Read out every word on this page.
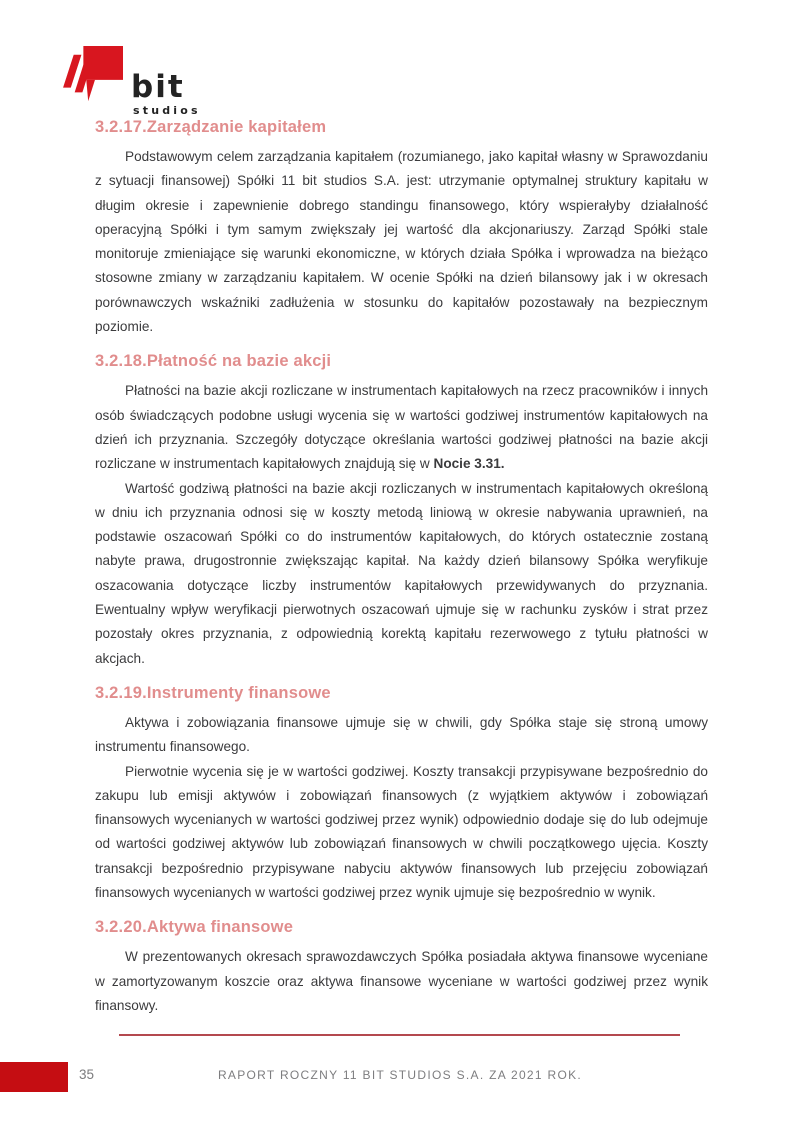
bit
studios
3.2.17.Zarządzanie kapitałem

Podstawowym celem zarządzania kapitałem (rozumianego, jako kapitał własny w Sprawozdaniu z sytuacji finansowej) Spółki 11 bit studios S.A. jest: utrzymanie optymalnej struktury kapitału w długim okresie i zapewnienie dobrego standingu finansowego, który wspierałyby działalność operacyjną Spółki i tym samym zwiększały jej wartość dla akcjonariuszy. Zarząd Spółki stale monitoruje zmieniające się warunki ekonomiczne, w których działa Spółka i wprowadza na bieżąco stosowne zmiany w zarządzaniu kapitałem. W ocenie Spółki na dzień bilansowy jak i w okresach porównawczych wskaźniki zadłużenia w stosunku do kapitałów pozostawały na bezpiecznym poziomie.

3.2.18.Płatność na bazie akcji

Płatności na bazie akcji rozliczane w instrumentach kapitałowych na rzecz pracowników i innych osób świadczących podobne usługi wycenia się w wartości godziwej instrumentów kapitałowych na dzień ich przyznania. Szczegóły dotyczące określania wartości godziwej płatności na bazie akcji rozliczane w instrumentach kapitałowych znajdują się w Nocie 3.31.

Wartość godziwą płatności na bazie akcji rozliczanych w instrumentach kapitałowych określoną w dniu ich przyznania odnosi się w koszty metodą liniową w okresie nabywania uprawnień, na podstawie oszacowań Spółki co do instrumentów kapitałowych, do których ostatecznie zostaną nabyte prawa, drugostronnie zwiększając kapitał. Na każdy dzień bilansowy Spółka weryfikuje oszacowania dotyczące liczby instrumentów kapitałowych przewidywanych do przyznania. Ewentualny wpływ weryfikacji pierwotnych oszacowań ujmuje się w rachunku zysków i strat przez pozostały okres przyznania, z odpowiednią korektą kapitału rezerwowego z tytułu płatności w akcjach.

3.2.19.Instrumenty finansowe

Aktywa i zobowiązania finansowe ujmuje się w chwili, gdy Spółka staje się stroną umowy instrumentu finansowego.

Pierwotnie wycenia się je w wartości godziwej. Koszty transakcji przypisywane bezpośrednio do zakupu lub emisji aktywów i zobowiązań finansowych (z wyjątkiem aktywów i zobowiązań finansowych wycenianych w wartości godziwej przez wynik) odpowiednio dodaje się do lub odejmuje od wartości godziwej aktywów lub zobowiązań finansowych w chwili początkowego ujęcia. Koszty transakcji bezpośrednio przypisywane nabyciu aktywów finansowych lub przejęciu zobowiązań finansowych wycenianych w wartości godziwej przez wynik ujmuje się bezpośrednio w wynik.

3.2.20.Aktywa finansowe

W prezentowanych okresach sprawozdawczych Spółka posiadała aktywa finansowe wyceniane w zamortyzowanym koszcie oraz aktywa finansowe wyceniane w wartości godziwej przez wynik finansowy.

35	RAPORT ROCZNY 11 BIT STUDIOS S.A. ZA 2021 ROK.
